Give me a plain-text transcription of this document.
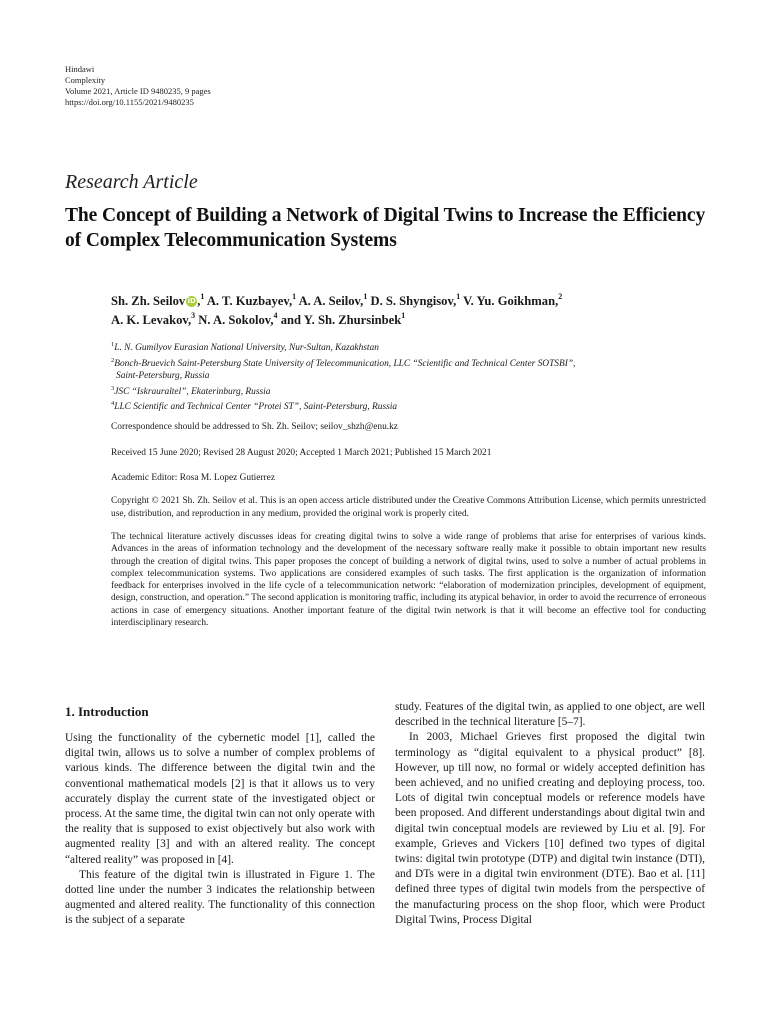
Hindawi
Complexity
Volume 2021, Article ID 9480235, 9 pages
https://doi.org/10.1155/2021/9480235
Research Article
The Concept of Building a Network of Digital Twins to Increase the Efficiency of Complex Telecommunication Systems
Sh. Zh. Seilov iD,$^1$ A. T. Kuzbayev,$^1$ A. A. Seilov,$^1$ D. S. Shyngisov,$^1$ V. Yu. Goikhman,$^2$
A. K. Levakov,$^3$ N. A. Sokolov,$^4$ and Y. Sh. Zhursinbek$^1$
$^1$L. N. Gumilyov Eurasian National University, Nur-Sultan, Kazakhstan
$^2$Bonch-Bruevich Saint-Petersburg State University of Telecommunication, LLC “Scientific and Technical Center SOTSBI”,
Saint-Petersburg, Russia
$^3$JSC “Iskrauraltel”, Ekaterinburg, Russia
$^4$LLC Scientific and Technical Center “Protei ST”, Saint-Petersburg, Russia
Correspondence should be addressed to Sh. Zh. Seilov; seilov_shzh@enu.kz
Received 15 June 2020; Revised 28 August 2020; Accepted 1 March 2021; Published 15 March 2021
Academic Editor: Rosa M. Lopez Gutierrez
Copyright © 2021 Sh. Zh. Seilov et al. This is an open access article distributed under the Creative Commons Attribution License, which permits unrestricted use, distribution, and reproduction in any medium, provided the original work is properly cited.
The technical literature actively discusses ideas for creating digital twins to solve a wide range of problems that arise for enterprises of various kinds. Advances in the areas of information technology and the development of the necessary software really make it possible to obtain important new results through the creation of digital twins. This paper proposes the concept of building a network of digital twins, used to solve a number of actual problems in complex telecommunication systems. Two applications are considered examples of such tasks. The first application is the organization of information feedback for enterprises involved in the life cycle of a telecommunication network: “elaboration of modernization principles, development of equipment, design, construction, and operation.” The second application is monitoring traffic, including its atypical behavior, in order to avoid the recurrence of erroneous actions in case of emergency situations. Another important feature of the digital twin network is that it will become an effective tool for conducting interdisciplinary research.
1. Introduction

Using the functionality of the cybernetic model [1], called the digital twin, allows us to solve a number of complex problems of various kinds. The difference between the digital twin and the conventional mathematical models [2] is that it allows us to very accurately display the current state of the investigated object or process. At the same time, the digital twin can not only operate with the reality that is supposed to exist objectively but also work with augmented reality [3] and with an altered reality. The concept “altered reality” was proposed in [4].

This feature of the digital twin is illustrated in Figure 1. The dotted line under the number 3 indicates the relationship between augmented and altered reality. The functionality of this connection is the subject of a separate

study. Features of the digital twin, as applied to one object, are well described in the technical literature [5–7].

In 2003, Michael Grieves first proposed the digital twin terminology as “digital equivalent to a physical product” [8]. However, up till now, no formal or widely accepted definition has been achieved, and no unified creating and deploying process, too. Lots of digital twin conceptual models or reference models have been proposed. And different understandings about digital twin and digital twin conceptual models are reviewed by Liu et al. [9]. For example, Grieves and Vickers [10] defined two types of digital twins: digital twin prototype (DTP) and digital twin instance (DTI), and DTs were in a digital twin environment (DTE). Bao et al. [11] defined three types of digital twin models from the perspective of the manufacturing process on the shop floor, which were Product Digital Twins, Process Digital
